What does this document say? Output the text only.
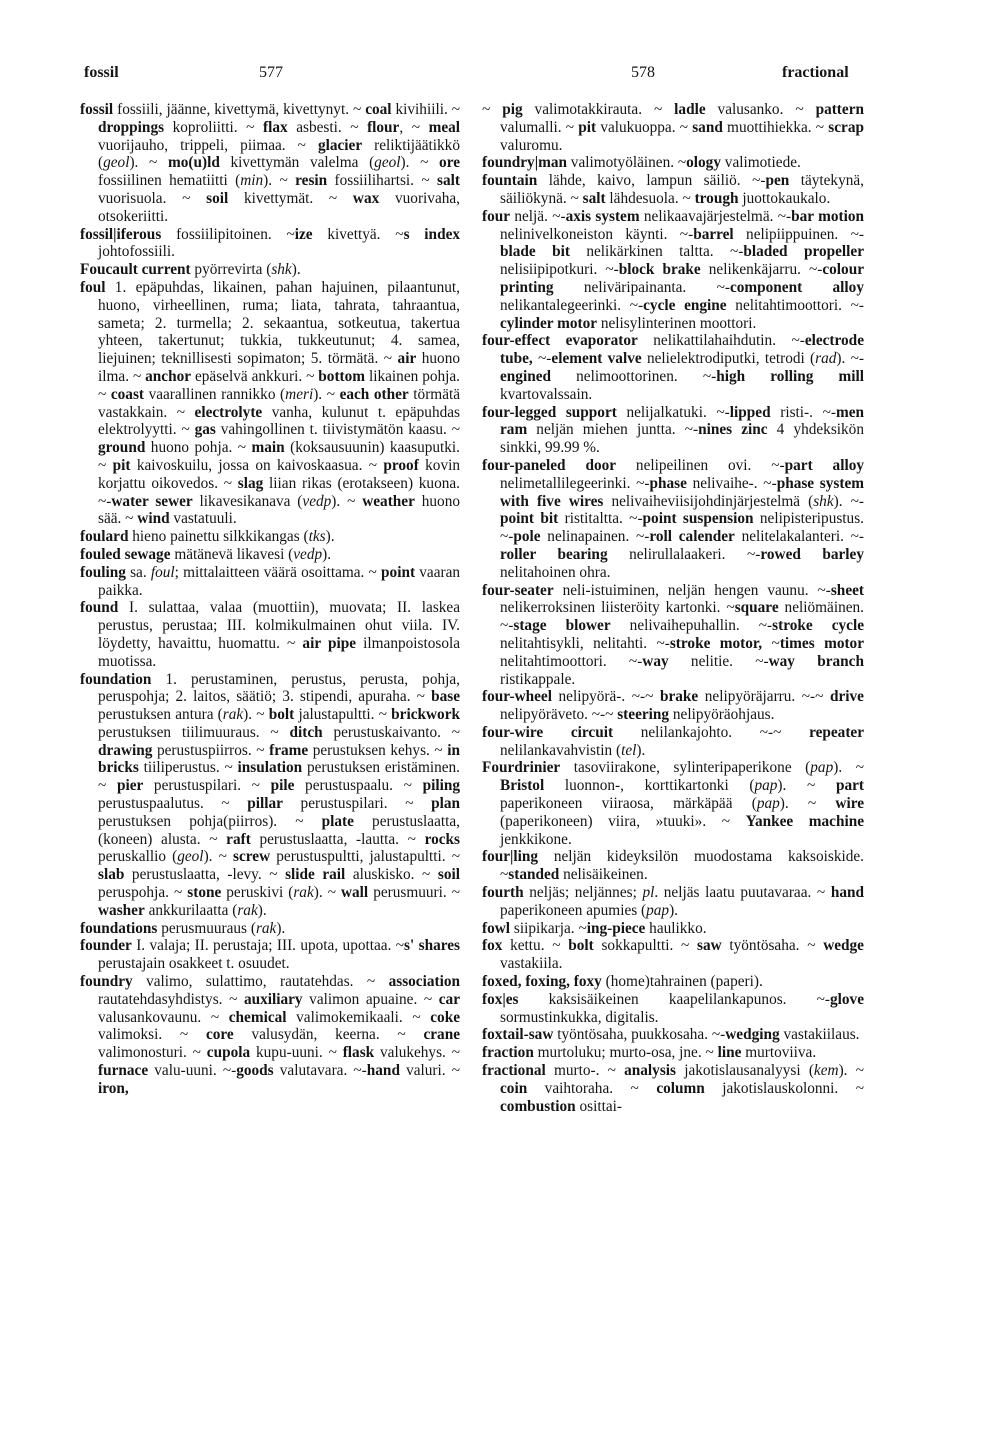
fossil	577	578	fractional

fossil fossiili, jäänne, kivettymä, kivettynyt. ~ coal kivihiili. ~ droppings koproliitti. ~ flax asbesti. ~ flour, ~ meal vuorijauho, trippeli, piimaa. ~ glacier reliktijäätikkö (geol). ~ mo(u)ld kivettymän valelma (geol). ~ ore fossiilinen hematiitti (min). ~ resin fossiilihartsi. ~ salt vuorisuola. ~ soil kivettymät. ~ wax vuorivaha, otsokeriitti.

fossil|iferous fossiilipitoinen. ~ize kivettyä. ~s index johtofossiili.

Foucault current pyörrevirta (shk).

foul 1. epäpuhdas, likainen, pahan hajuinen, pilaantunut, huono, virheellinen, ruma; liata, tahrata, tahraantua, sameta; 2. turmella; 2. sekaantua, sotkeutua, takertua yhteen, takertunut; tukkia, tukkeutunut; 4. samea, liejuinen; teknillisesti sopimaton; 5. törmätä. ~ air huono ilma. ~ anchor epäselvä ankkuri. ~ bottom likainen pohja. ~ coast vaarallinen rannikko (meri). ~ each other törmätä vastakkain. ~ electrolyte vanha, kulunut t. epäpuhdas elektrolyytti. ~ gas vahingollinen t. tiivistymätön kaasu. ~ ground huono pohja. ~ main (koksausuunin) kaasuputki. ~ pit kaivoskuilu, jossa on kaivoskaasua. ~ proof kovin korjattu oikovedos. ~ slag liian rikas (erotakseen) kuona. ~-water sewer likavesikanava (vedp). ~ weather huono sää. ~ wind vastatuuli.

foulard hieno painettu silkkikangas (tks).

fouled sewage mätänevä likavesi (vedp).

fouling sa. foul; mittalaitteen väärä osoittama. ~ point vaaran paikka.

found I. sulattaa, valaa (muottiin), muovata; II. laskea perustus, perustaa; III. kolmikulmainen ohut viila. IV. löydetty, havaittu, huomattu. ~ air pipe ilmanpoistosola muotissa.

foundation 1. perustaminen, perustus, perusta, pohja, peruspohja; 2. laitos, säätiö; 3. stipendi, apuraha. ~ base perustuksen antura (rak). ~ bolt jalustapultti. ~ brickwork perustuksen tiilimuuraus. ~ ditch perustuskaivanto. ~ drawing perustuspiirros. ~ frame perustuksen kehys. ~ in bricks tiiliperustus. ~ insulation perustuksen eristäminen. ~ pier perustuspilari. ~ pile perustuspaalu. ~ piling perustuspaalutus. ~ pillar perustuspilari. ~ plan perustuksen pohja(piirros). ~ plate perustuslaatta, (koneen) alusta. ~ raft perustuslaatta, -lautta. ~ rocks peruskallio (geol). ~ screw perustuspultti, jalustapultti. ~ slab perustuslaatta, -levy. ~ slide rail aluskisko. ~ soil peruspohja. ~ stone peruskivi (rak). ~ wall perusmuuri. ~ washer ankkurilaatta (rak).

foundations perusmuuraus (rak).

founder I. valaja; II. perustaja; III. upota, upottaa. ~s' shares perustajain osakkeet t. osuudet.

foundry valimo, sulattimo, rautatehdas. ~ association rautatehdasyhdistys. ~ auxiliary valimon apuaine. ~ car valusankovaunu. ~ chemical valimokemikaali. ~ coke valimoksi. ~ core valusydän, keerna. ~ crane valimonosturi. ~ cupola kupu-uuni. ~ flask valukehys. ~ furnace valu-uuni. ~-goods valutavara. ~-hand valuri. ~ iron,

~ pig valimotakkirauta. ~ ladle valusanko. ~ pattern valumalli. ~ pit valukuoppa. ~ sand muottihiekka. ~ scrap valuromu.

foundry|man valimotyöläinen. ~ology valimotiede.

fountain lähde, kaivo, lampun säiliö. ~-pen täytekynä, säiliökynä. ~ salt lähdesuola. ~ trough juottokaukalo.

four neljä. ~-axis system nelikaavajärjestelmä. ~-bar motion nelinivelkoneiston käynti. ~-barrel nelipiippuinen. ~-blade bit nelikärkinen taltta. ~-bladed propeller nelisiipipotkuri. ~-block brake nelikenkäjarru. ~-colour printing neliväripainanta. ~-component alloy nelikantalegeerinki. ~-cycle engine nelitahtimoottori. ~-cylinder motor nelisylinterinen moottori.

four-effect evaporator nelikattilahaihdutin. ~-electrode tube, ~-element valve nelielektrodiputki, tetrodi (rad). ~-engined nelimoottorinen. ~-high rolling mill kvartovalssain.

four-legged support nelijalkatuki. ~-lipped risti-. ~-men ram neljän miehen juntta. ~-nines zinc 4 yhdeksikön sinkki, 99.99 %.

four-paneled door nelipeilinen ovi. ~-part alloy nelimetallilegeerinki. ~-phase nelivaihe-. ~-phase system with five wires nelivaiheviisijohdinjärjestelmä (shk). ~-point bit ristitaltta. ~-point suspension nelipisteripustus. ~-pole nelinapainen. ~-roll calender nelitelakalanteri. ~-roller bearing nelirullalaakeri. ~-rowed barley nelitahoinen ohra.

four-seater neli-istuiminen, neljän hengen vaunu. ~-sheet nelikerroksinen liisteröity kartonki. ~square neliömäinen. ~-stage blower nelivaihepuhallin. ~-stroke cycle nelitahtisykli, nelitahti. ~-stroke motor, ~times motor nelitahtimoottori. ~-way nelitie. ~-way branch ristikappale.

four-wheel nelipyörä-. ~-~ brake nelipyöräjarru. ~-~ drive nelipyöräveto. ~-~ steering nelipyöräohjaus.

four-wire circuit nelilankajohto. ~-~ repeater nelilankavahvistin (tel).

Fourdrinier tasoviirakone, sylinteripaperikone (pap). ~ Bristol luonnon-, korttikartonki (pap). ~ part paperikoneen viiraosa, märkäpää (pap). ~ wire (paperikoneen) viira, »tuuki». ~ Yankee machine jenkkikone.

four|ling neljän kideyksilön muodostama kaksoiskide. ~standed nelisäikeinen.

fourth neljäs; neljännes; pl. neljäs laatu puutavaraa. ~ hand paperikoneen apumies (pap).

fowl siipikarja. ~ing-piece haulikko.

fox kettu. ~ bolt sokkapultti. ~ saw työntösaha. ~ wedge vastakiila.

foxed, foxing, foxy (home)tahrainen (paperi).

fox|es kaksisäikeinen kaapelilankapunos. ~-glove sormustinkukka, digitalis.

foxtail-saw työntösaha, puukkosaha. ~-wedging vastakiilaus.

fraction murtoluku; murto-osa, jne. ~ line murtoviiva.

fractional murto-. ~ analysis jakotislausanalyysi (kem). ~ coin vaihtoraha. ~ column jakotislauskolonni. ~ combustion osittai-
